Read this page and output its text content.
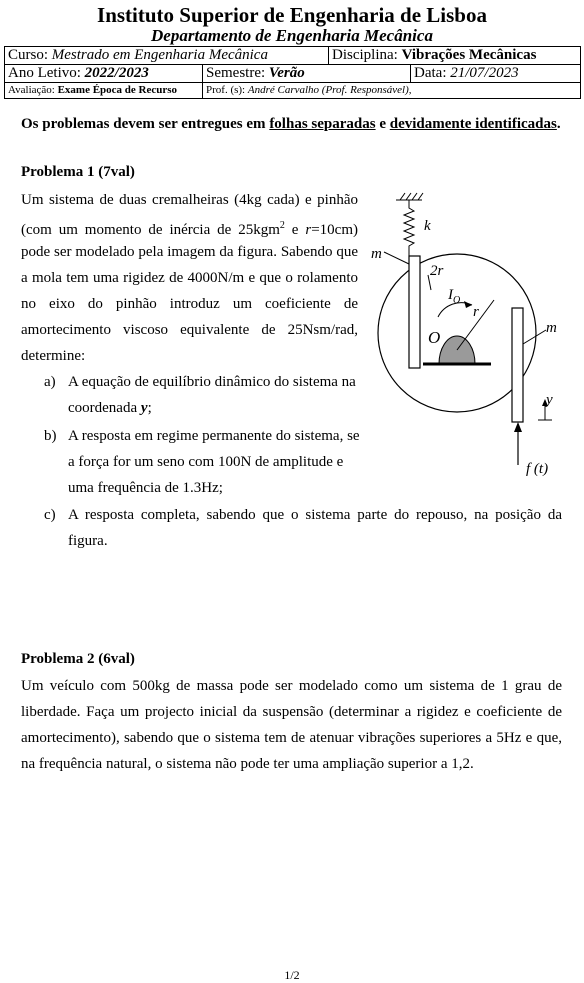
Instituto Superior de Engenharia de Lisboa
Departamento de Engenharia Mecânica
Curso: Mestrado em Engenharia Mecânica		Disciplina: Vibrações Mecânicas	
Ano Letivo: 2022/2023	Semestre: Verão		Data: 21/07/2023
Avaliação: Exame Época de Recurso	Prof. (s): André Carvalho (Prof. Responsável),		
Os problemas devem ser entregues em folhas separadas e devidamente identificadas.
Problema 1 (7val)
Um sistema de duas cremalheiras (4kg cada) e pinhão
(com um momento de inércia de 25kgm$^2$ e r=10cm)
pode ser modelado pela imagem da figura. Sabendo que
a mola tem uma rigidez de 4000N/m e que o rolamento
no eixo do pinhão introduz um coeficiente de
amortecimento viscoso equivalente de 25Nsm/rad,
determine:
a) A equação de equilíbrio dinâmico do sistema na
coordenada y;
b) A resposta em regime permanente do sistema, se
a força for um seno com 100N de amplitude e
uma frequência de 1.3Hz;
c) A resposta completa, sabendo que o sistema parte do repouso, na posição da
figura.
k
m
m
2r
$I_O$
r
O
y
f (t)
Problema 2 (6val)
Um veículo com 500kg de massa pode ser modelado como um sistema de 1 grau de
liberdade. Faça um projecto inicial da suspensão (determinar a rigidez e coeficiente de
amortecimento), sabendo que o sistema tem de atenuar vibrações superiores a 5Hz e que,
na frequência natural, o sistema não pode ter uma ampliação superior a 1,2.
1/2
